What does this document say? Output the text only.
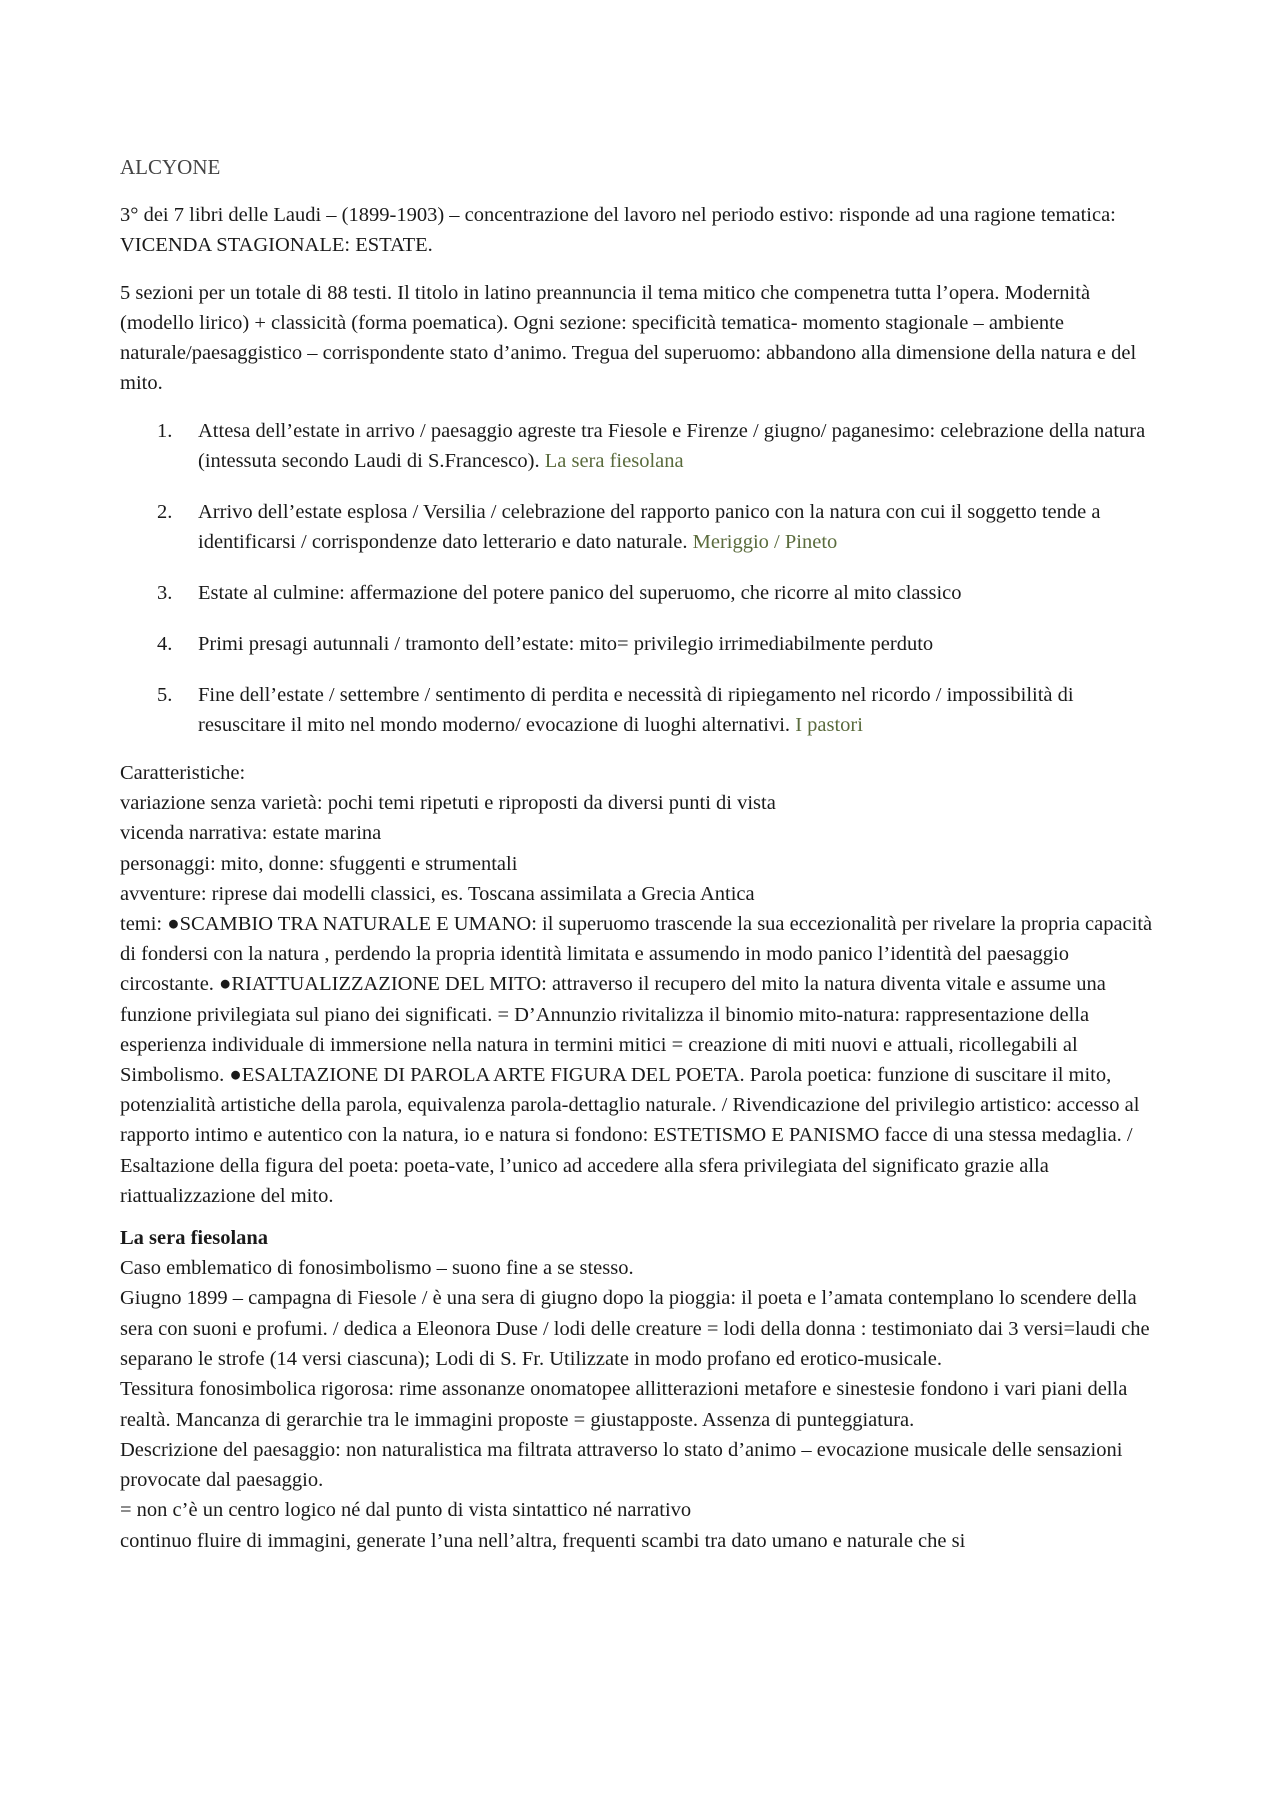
ALCYONE

3° dei 7 libri delle Laudi – (1899-1903) – concentrazione del lavoro nel periodo estivo: risponde ad una ragione tematica: VICENDA STAGIONALE: ESTATE.

5 sezioni per un totale di 88 testi. Il titolo in latino preannuncia il tema mitico che compenetra tutta l’opera. Modernità (modello lirico) + classicità (forma poematica). Ogni sezione: specificità tematica- momento stagionale – ambiente naturale/paesaggistico – corrispondente stato d’animo. Tregua del superuomo: abbandono alla dimensione della natura e del mito.

1. Attesa dell’estate in arrivo / paesaggio agreste tra Fiesole e Firenze / giugno/ paganesimo: celebrazione della natura (intessuta secondo Laudi di S.Francesco). La sera fiesolana
2. Arrivo dell’estate esplosa / Versilia / celebrazione del rapporto panico con la natura con cui il soggetto tende a identificarsi / corrispondenze dato letterario e dato naturale. Meriggio / Pineto
3. Estate al culmine: affermazione del potere panico del superuomo, che ricorre al mito classico
4. Primi presagi autunnali / tramonto dell’estate: mito= privilegio irrimediabilmente perduto
5. Fine dell’estate / settembre / sentimento di perdita e necessità di ripiegamento nel ricordo / impossibilità di resuscitare il mito nel mondo moderno/ evocazione di luoghi alternativi. I pastori
Caratteristiche:
variazione senza varietà: pochi temi ripetuti e riproposti da diversi punti di vista
vicenda narrativa: estate marina
personaggi: mito, donne: sfuggenti e strumentali
avventure: riprese dai modelli classici, es. Toscana assimilata a Grecia Antica
temi: ●SCAMBIO TRA NATURALE E UMANO: il superuomo trascende la sua eccezionalità per rivelare la propria capacità di fondersi con la natura , perdendo la propria identità limitata e assumendo in modo panico l’identità del paesaggio circostante. ●RIATTUALIZZAZIONE DEL MITO: attraverso il recupero del mito la natura diventa vitale e assume una funzione privilegiata sul piano dei significati. = D’Annunzio rivitalizza il binomio mito-natura: rappresentazione della esperienza individuale di immersione nella natura in termini mitici = creazione di miti nuovi e attuali, ricollegabili al Simbolismo. ●ESALTAZIONE DI PAROLA ARTE FIGURA DEL POETA. Parola poetica: funzione di suscitare il mito, potenzialità artistiche della parola, equivalenza parola-dettaglio naturale. / Rivendicazione del privilegio artistico: accesso al rapporto intimo e autentico con la natura, io e natura si fondono: ESTETISMO E PANISMO facce di una stessa medaglia. / Esaltazione della figura del poeta: poeta-vate, l’unico ad accedere alla sfera privilegiata del significato grazie alla riattualizzazione del mito.
La sera fiesolana
Caso emblematico di fonosimbolismo – suono fine a se stesso.
Giugno 1899 – campagna di Fiesole / è una sera di giugno dopo la pioggia: il poeta e l’amata contemplano lo scendere della sera con suoni e profumi. / dedica a Eleonora Duse / lodi delle creature = lodi della donna : testimoniato dai 3 versi=laudi che separano le strofe (14 versi ciascuna); Lodi di S. Fr. Utilizzate in modo profano ed erotico-musicale.
Tessitura fonosimbolica rigorosa: rime assonanze onomatopee allitterazioni metafore e sinestesie fondono i vari piani della realtà. Mancanza di gerarchie tra le immagini proposte = giustapposte. Assenza di punteggiatura.
Descrizione del paesaggio: non naturalistica ma filtrata attraverso lo stato d’animo – evocazione musicale delle sensazioni provocate dal paesaggio.
= non c’è un centro logico né dal punto di vista sintattico né narrativo
continuo fluire di immagini, generate l’una nell’altra, frequenti scambi tra dato umano e naturale che si
